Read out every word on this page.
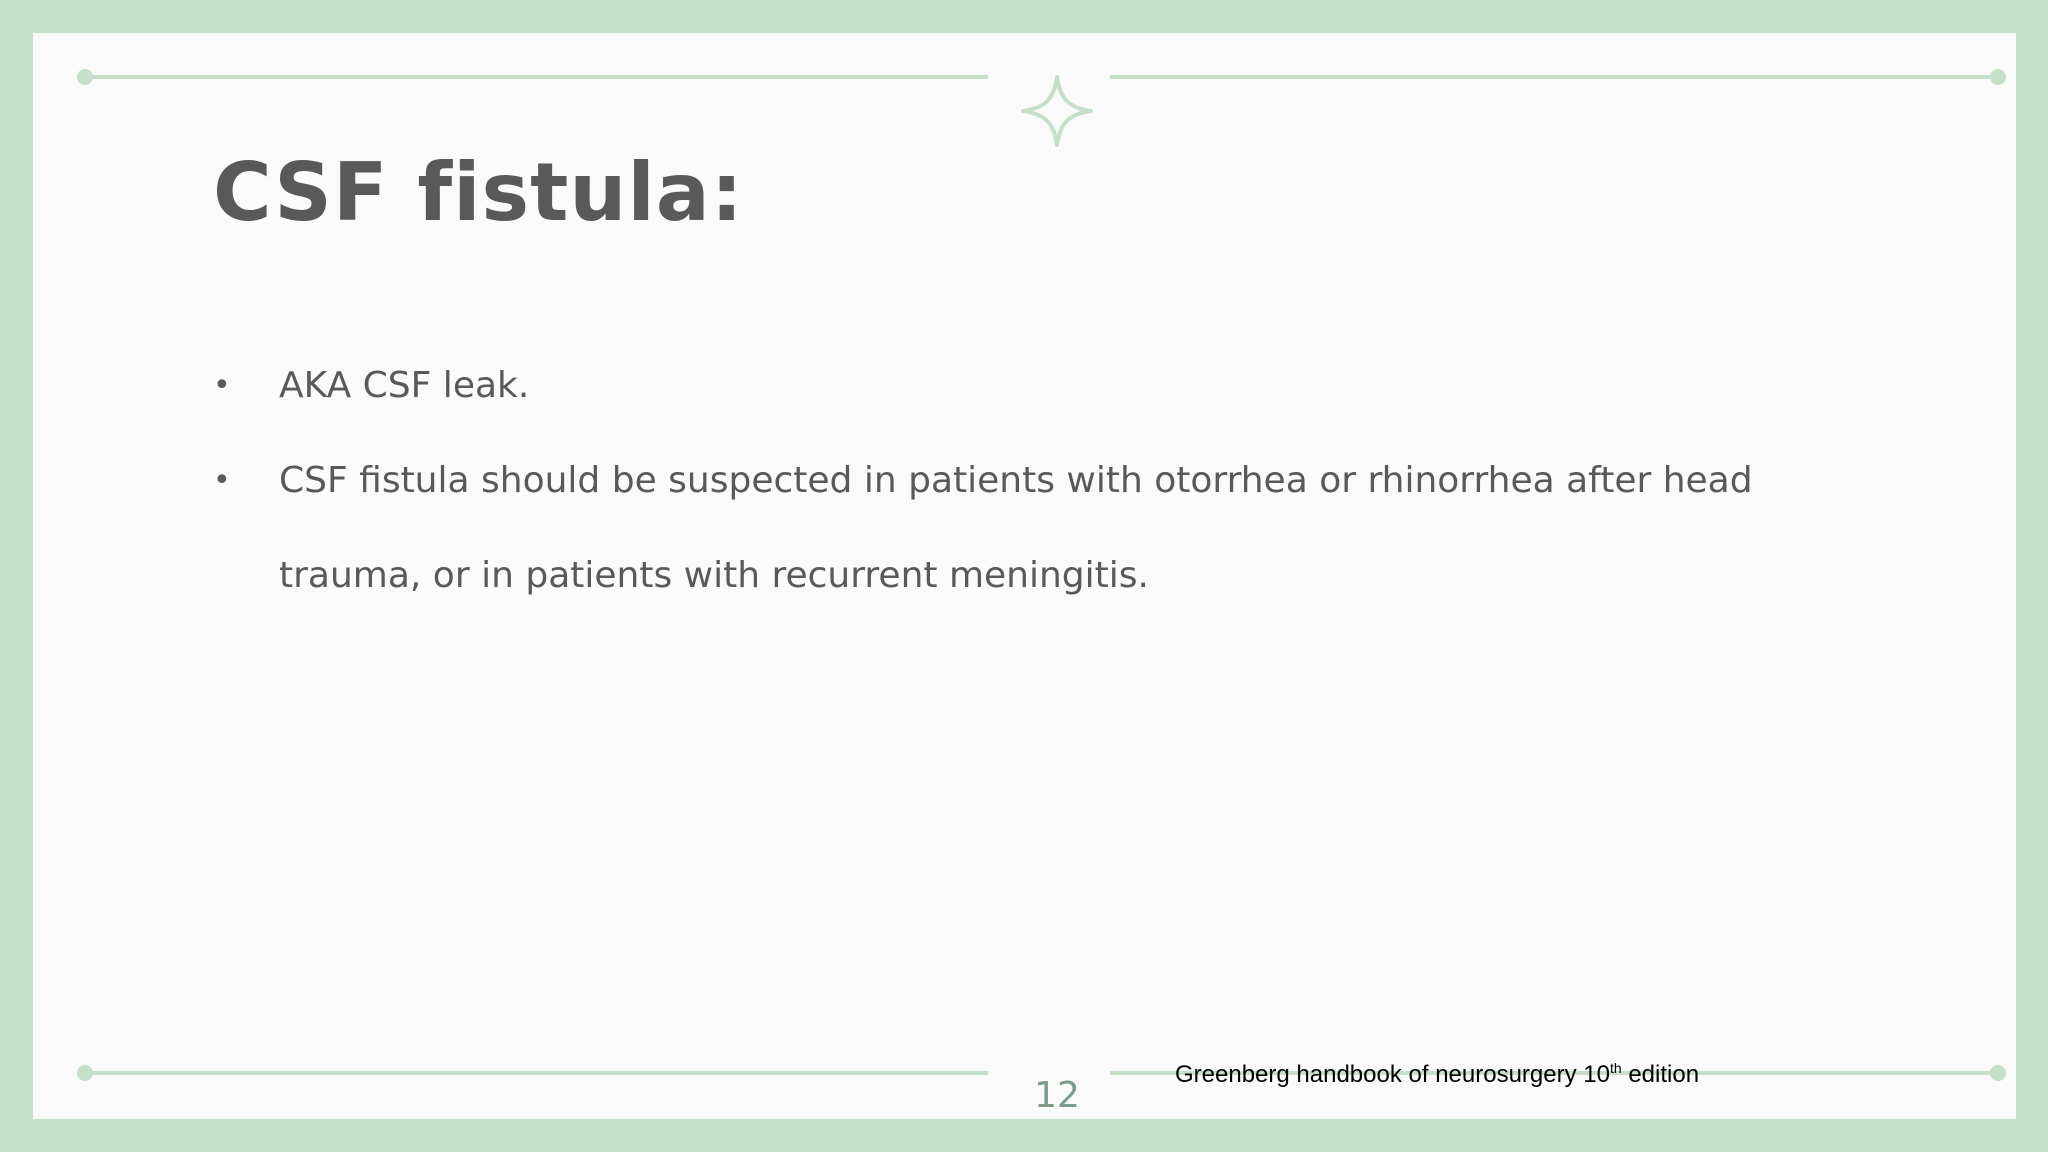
CSF fistula:
•	AKA CSF leak.
•	CSF fistula should be suspected in patients with otorrhea or rhinorrhea after head trauma, or in patients with recurrent meningitis.
12
Greenberg handbook of neurosurgery 10th edition
